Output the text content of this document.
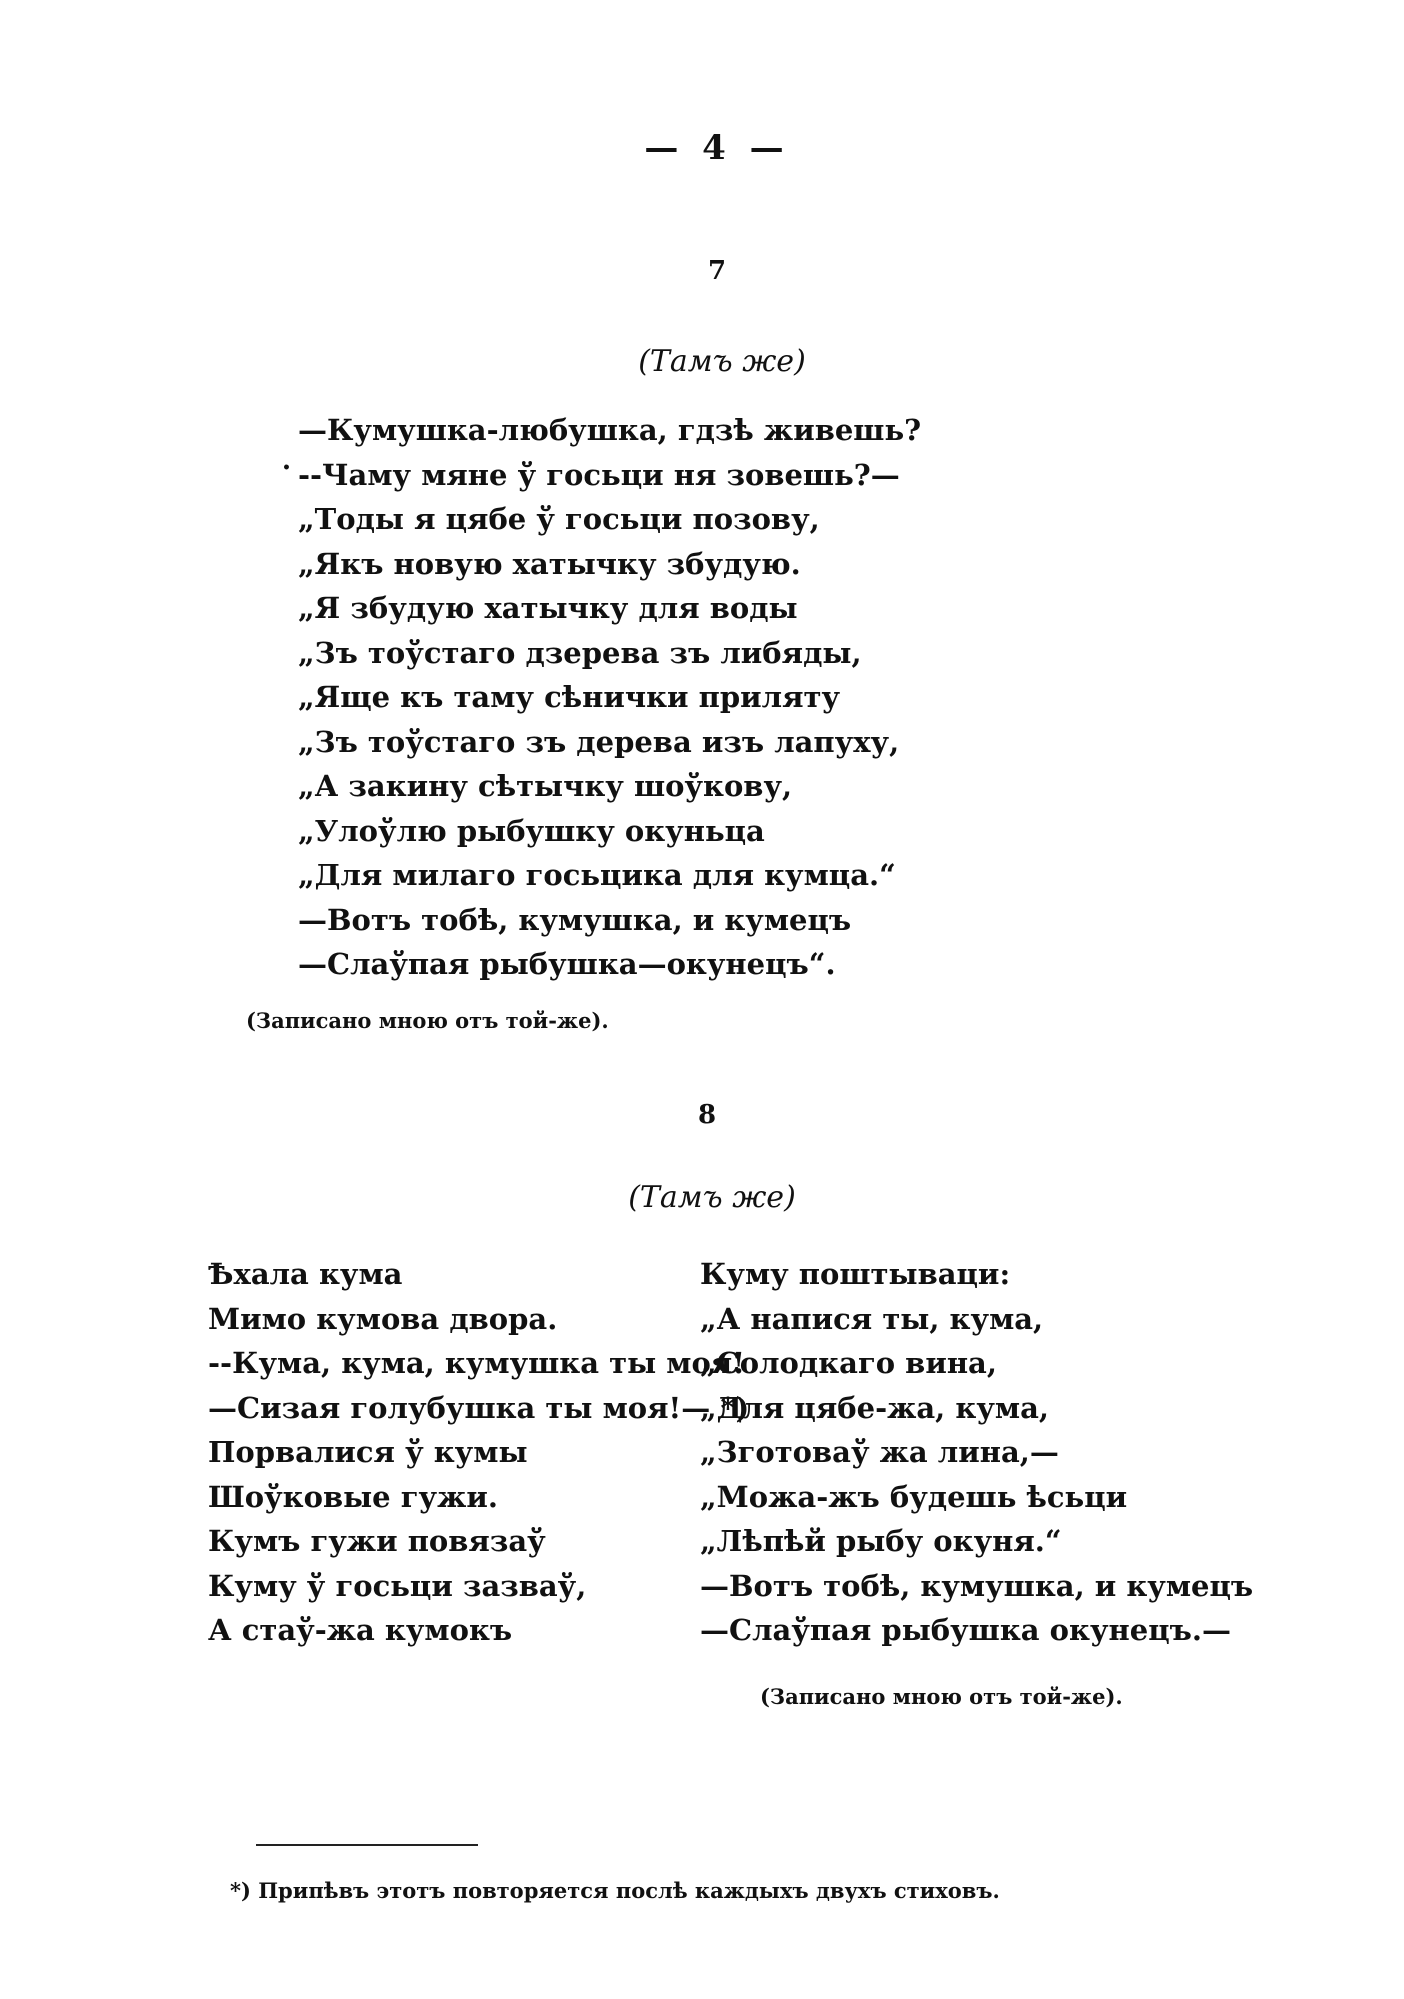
— 4 —
7
(Тамъ же)
•
—Кумушка-любушка, гдзѣ живешь?
--Чаму мяне ў госьци ня зовешь?—
„Тоды я цябе ў госьци позову,
„Якъ новую хатычку збудую.
„Я збудую хатычку для воды
„Зъ тоўстаго дзерева зъ либяды,
„Яще къ таму сѣнички приляту
„Зъ тоўстаго зъ дерева изъ лапуху,
„А закину сѣтычку шоўкову,
„Улоўлю рыбушку окуньца
„Для милаго госьцика для кумца.“
—Вотъ тобѣ, кумушка, и кумецъ
—Слаўпая рыбушка—окунецъ“.
(Записано мною отъ той-же).
8
(Тамъ же)
Ѣхала кума
Мимо кумова двора.
--Кума, кума, кумушка ты моя!
—Сизая голубушка ты моя!— *)
Порвалися ў кумы
Шоўковые гужи.
Кумъ гужи повязаў
Куму ў госьци зазваў,
А стаў-жа кумокъ
Куму поштываци:
„А напися ты, кума,
„Солодкаго вина,
„Для цябе-жа, кума,
„Зготоваў жа лина,—
„Можа-жъ будешь ѣсьци
„Лѣпѣй рыбу окуня.“
—Вотъ тобѣ, кумушка, и кумецъ
—Слаўпая рыбушка окунецъ.—
(Записано мною отъ той-же).
*) Припѣвъ этотъ повторяется послѣ каждыхъ двухъ стиховъ.
